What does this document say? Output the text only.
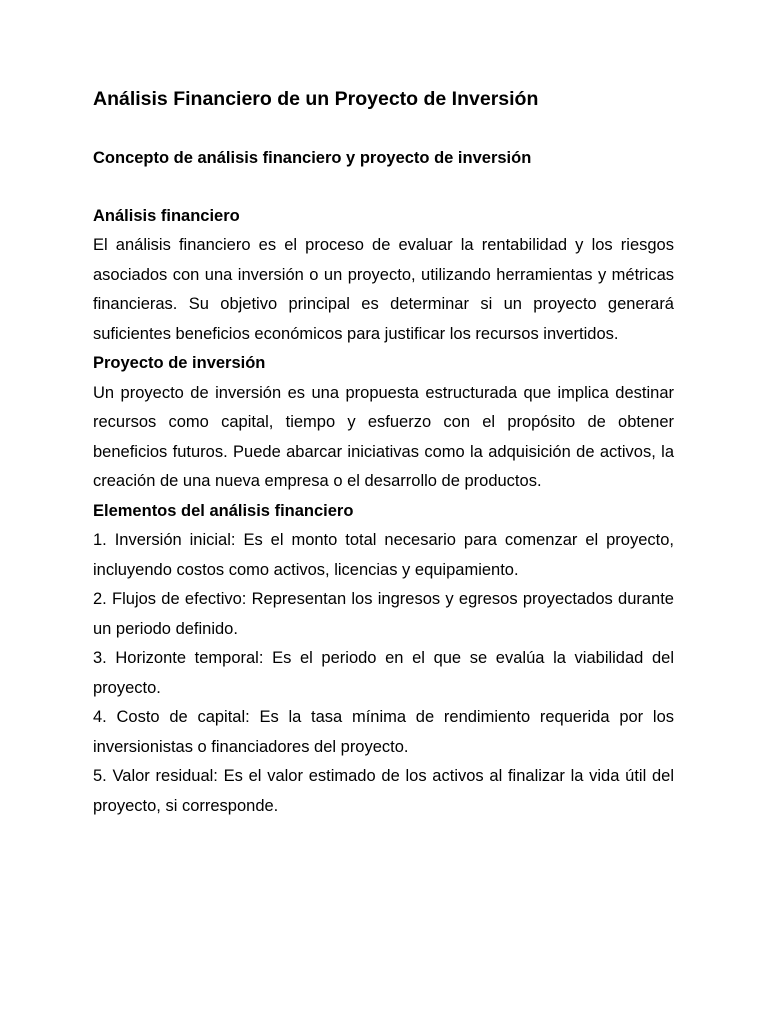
Análisis Financiero de un Proyecto de Inversión
Concepto de análisis financiero y proyecto de inversión
Análisis financiero

El análisis financiero es el proceso de evaluar la rentabilidad y los riesgos asociados con una inversión o un proyecto, utilizando herramientas y métricas financieras. Su objetivo principal es determinar si un proyecto generará suficientes beneficios económicos para justificar los recursos invertidos.

Proyecto de inversión

Un proyecto de inversión es una propuesta estructurada que implica destinar recursos como capital, tiempo y esfuerzo con el propósito de obtener beneficios futuros. Puede abarcar iniciativas como la adquisición de activos, la creación de una nueva empresa o el desarrollo de productos.

Elementos del análisis financiero
1. Inversión inicial: Es el monto total necesario para comenzar el proyecto, incluyendo costos como activos, licencias y equipamiento.
2. Flujos de efectivo: Representan los ingresos y egresos proyectados durante un periodo definido.
3. Horizonte temporal: Es el periodo en el que se evalúa la viabilidad del proyecto.
4. Costo de capital: Es la tasa mínima de rendimiento requerida por los inversionistas o financiadores del proyecto.
5. Valor residual: Es el valor estimado de los activos al finalizar la vida útil del proyecto, si corresponde.
